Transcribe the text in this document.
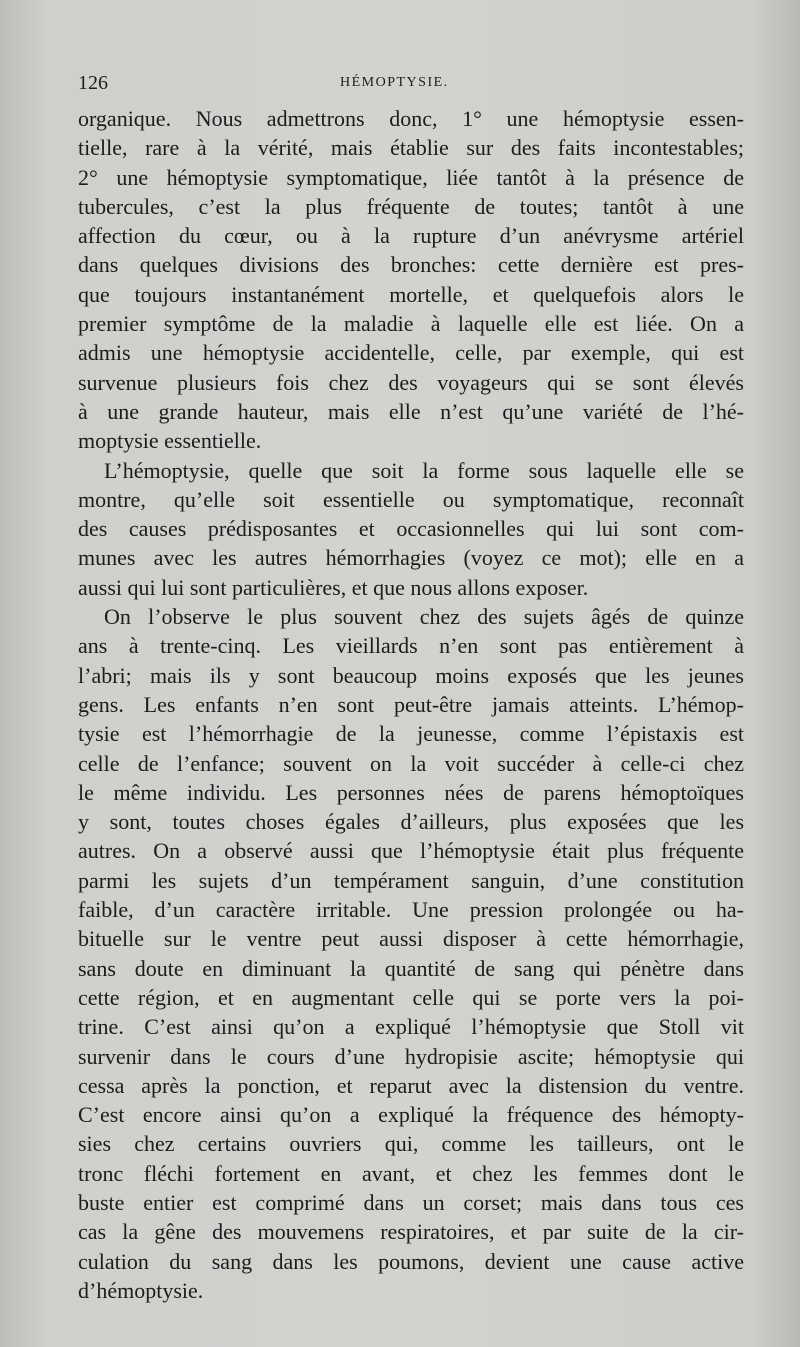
126	HÉMOPTYSIE.
organique. Nous admettrons donc, 1° une hémoptysie essen-
tielle, rare à la vérité, mais établie sur des faits incontestables;
2° une hémoptysie symptomatique, liée tantôt à la présence de
tubercules, c’est la plus fréquente de toutes; tantôt à une
affection du cœur, ou à la rupture d’un anévrysme artériel
dans quelques divisions des bronches: cette dernière est pres-
que toujours instantanément mortelle, et quelquefois alors le
premier symptôme de la maladie à laquelle elle est liée. On a
admis une hémoptysie accidentelle, celle, par exemple, qui est
survenue plusieurs fois chez des voyageurs qui se sont élevés
à une grande hauteur, mais elle n’est qu’une variété de l’hé-
moptysie essentielle.
L’hémoptysie, quelle que soit la forme sous laquelle elle se
montre, qu’elle soit essentielle ou symptomatique, reconnaît
des causes prédisposantes et occasionnelles qui lui sont com-
munes avec les autres hémorrhagies (voyez ce mot); elle en a
aussi qui lui sont particulières, et que nous allons exposer.
On l’observe le plus souvent chez des sujets âgés de quinze
ans à trente-cinq. Les vieillards n’en sont pas entièrement à
l’abri; mais ils y sont beaucoup moins exposés que les jeunes
gens. Les enfants n’en sont peut-être jamais atteints. L’hémop-
tysie est l’hémorrhagie de la jeunesse, comme l’épistaxis est
celle de l’enfance; souvent on la voit succéder à celle-ci chez
le même individu. Les personnes nées de parens hémoptoïques
y sont, toutes choses égales d’ailleurs, plus exposées que les
autres. On a observé aussi que l’hémoptysie était plus fréquente
parmi les sujets d’un tempérament sanguin, d’une constitution
faible, d’un caractère irritable. Une pression prolongée ou ha-
bituelle sur le ventre peut aussi disposer à cette hémorrhagie,
sans doute en diminuant la quantité de sang qui pénètre dans
cette région, et en augmentant celle qui se porte vers la poi-
trine. C’est ainsi qu’on a expliqué l’hémoptysie que Stoll vit
survenir dans le cours d’une hydropisie ascite; hémoptysie qui
cessa après la ponction, et reparut avec la distension du ventre.
C’est encore ainsi qu’on a expliqué la fréquence des hémopty-
sies chez certains ouvriers qui, comme les tailleurs, ont le
tronc fléchi fortement en avant, et chez les femmes dont le
buste entier est comprimé dans un corset; mais dans tous ces
cas la gêne des mouvemens respiratoires, et par suite de la cir-
culation du sang dans les poumons, devient une cause active
d’hémoptysie.
